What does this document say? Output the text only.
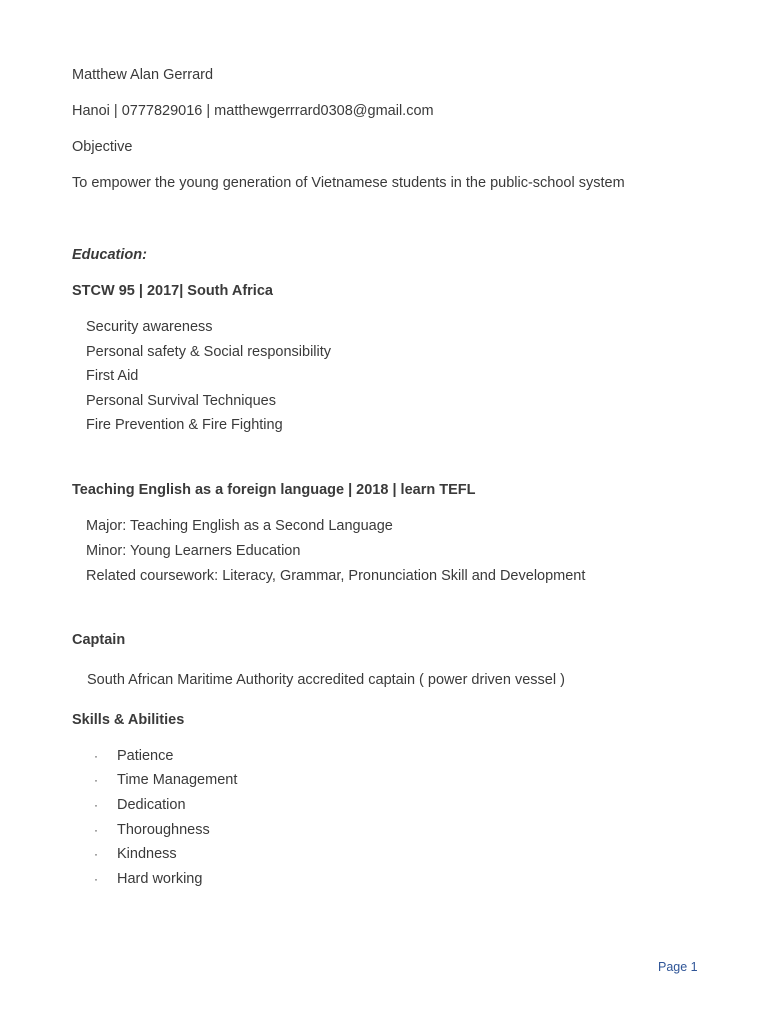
Matthew Alan Gerrard
Hanoi | 0777829016 | matthewgerrrard0308@gmail.com
Objective
To empower the young generation of Vietnamese students in the public-school system
Education:
STCW 95 | 2017| South Africa
Security awareness
Personal safety & Social responsibility
First Aid
Personal Survival Techniques
Fire Prevention & Fire Fighting
Teaching English as a foreign language | 2018 | learn TEFL
Major: Teaching English as a Second Language
Minor: Young Learners Education
Related coursework: Literacy, Grammar, Pronunciation Skill and Development
Captain
South African Maritime Authority accredited captain ( power driven vessel )
Skills & Abilities
· Patience
· Time Management
· Dedication
· Thoroughness
· Kindness
· Hard working
Page 1
